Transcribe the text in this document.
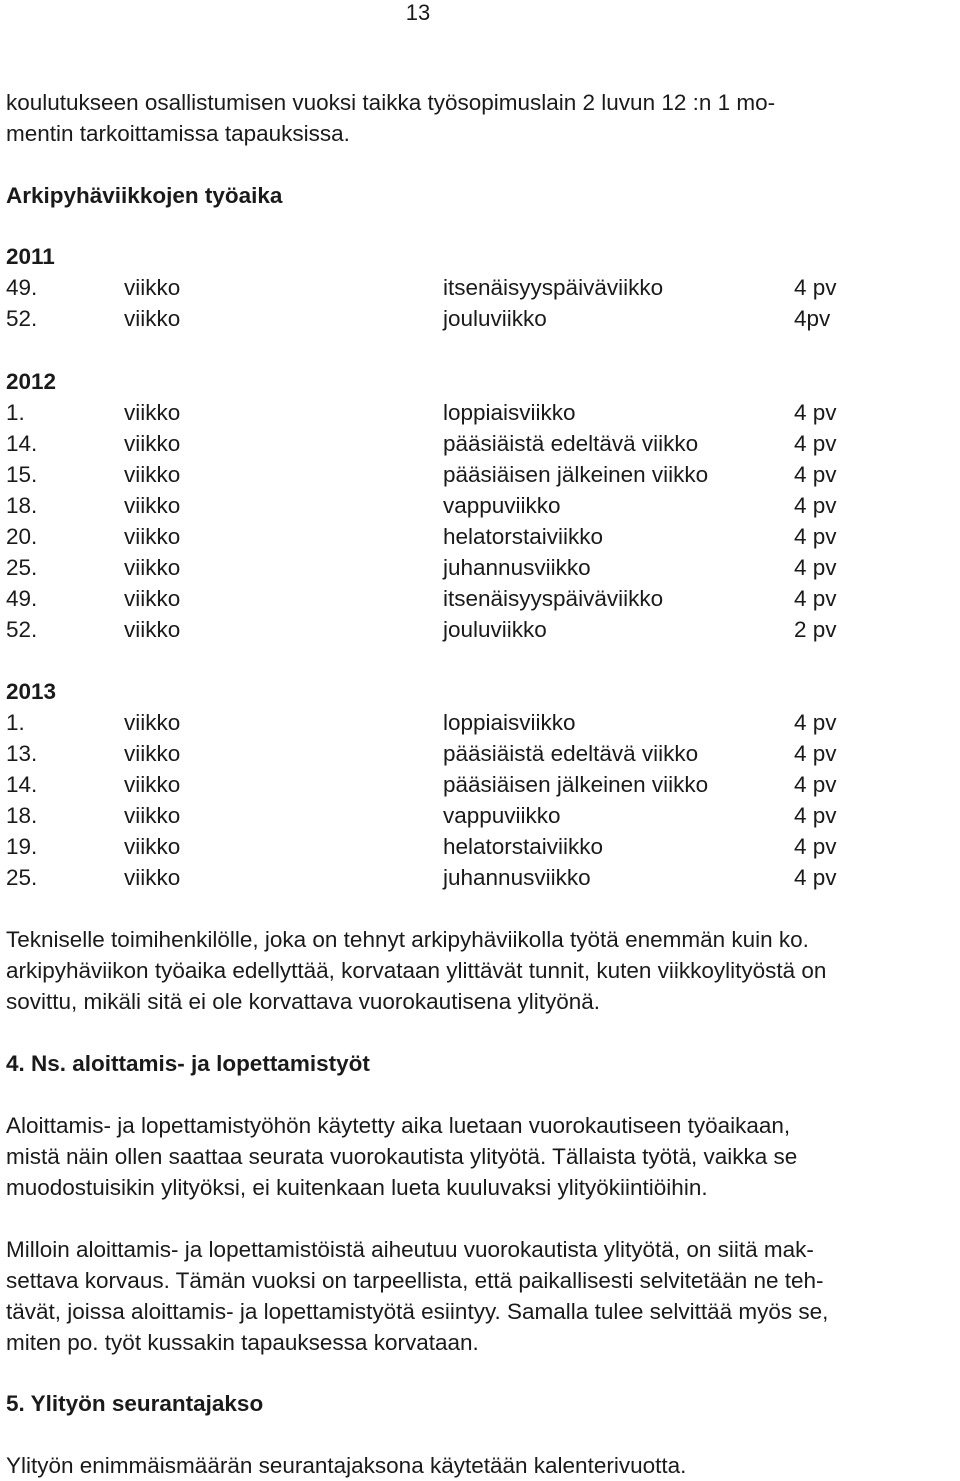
13

koulutukseen osallistumisen vuoksi taikka työsopimuslain 2 luvun 12 :n 1 mo-

mentin tarkoittamissa tapauksissa.

Arkipyhäviikkojen työaika
2011
49.	viikko	itsenäisyyspäiväviikko	4 pv
52.	viikko	jouluviikko	4pv
2012
1.	viikko	loppiaisviikko	4 pv
14.	viikko	pääsiäistä edeltävä viikko	4 pv
15.	viikko	pääsiäisen jälkeinen viikko	4 pv
18.	viikko	vappuviikko	4 pv
20.	viikko	helatorstaiviikko	4 pv
25.	viikko	juhannusviikko	4 pv
49.	viikko	itsenäisyyspäiväviikko	4 pv
52.	viikko	jouluviikko	2 pv
2013
1.	viikko	loppiaisviikko	4 pv
13.	viikko	pääsiäistä edeltävä viikko	4 pv
14.	viikko	pääsiäisen jälkeinen viikko	4 pv
18.	viikko	vappuviikko	4 pv
19.	viikko	helatorstaiviikko	4 pv
25.	viikko	juhannusviikko	4 pv

Tekniselle toimihenkilölle, joka on tehnyt arkipyhäviikolla työtä enemmän kuin ko.

arkipyhäviikon työaika edellyttää, korvataan ylittävät tunnit, kuten viikkoylityöstä on

sovittu, mikäli sitä ei ole korvattava vuorokautisena ylityönä.

4. Ns. aloittamis- ja lopettamistyöt

Aloittamis- ja lopettamistyöhön käytetty aika luetaan vuorokautiseen työaikaan,

mistä näin ollen saattaa seurata vuorokautista ylityötä. Tällaista työtä, vaikka se

muodostuisikin ylityöksi, ei kuitenkaan lueta kuuluvaksi ylityökiintiöihin.

Milloin aloittamis- ja lopettamistöistä aiheutuu vuorokautista ylityötä, on siitä mak-

settava korvaus. Tämän vuoksi on tarpeellista, että paikallisesti selvitetään ne teh-

tävät, joissa aloittamis- ja lopettamistyötä esiintyy. Samalla tulee selvittää myös se,

miten po. työt kussakin tapauksessa korvataan.

5. Ylityön seurantajakso
Ylityön enimmäismäärän seurantajaksona käytetään kalenterivuotta.
